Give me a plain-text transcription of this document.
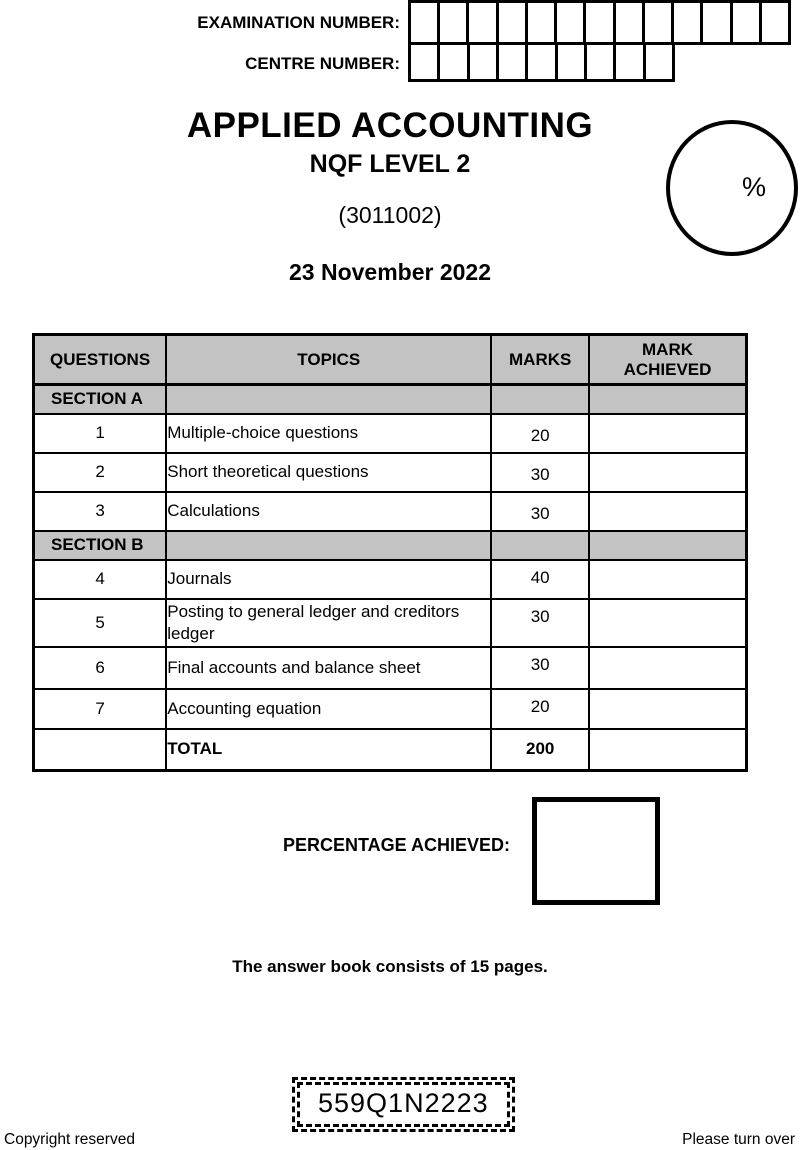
EXAMINATION NUMBER:
CENTRE NUMBER:
APPLIED ACCOUNTING
NQF LEVEL 2
(3011002)
23 November 2022
%
QUESTIONS	TOPICS	MARKS	MARK
ACHIEVED
SECTION A			
1	Multiple-choice questions	20	
2	Short theoretical questions	30	
3	Calculations	30	
SECTION B			
4	Journals	40	
5	Posting to general ledger and creditors ledger	30	
6	Final accounts and balance sheet	30	
7	Accounting equation	20	
	TOTAL	200	
PERCENTAGE ACHIEVED:
The answer book consists of 15 pages.
559Q1N2223
Copyright reserved	Please turn over
